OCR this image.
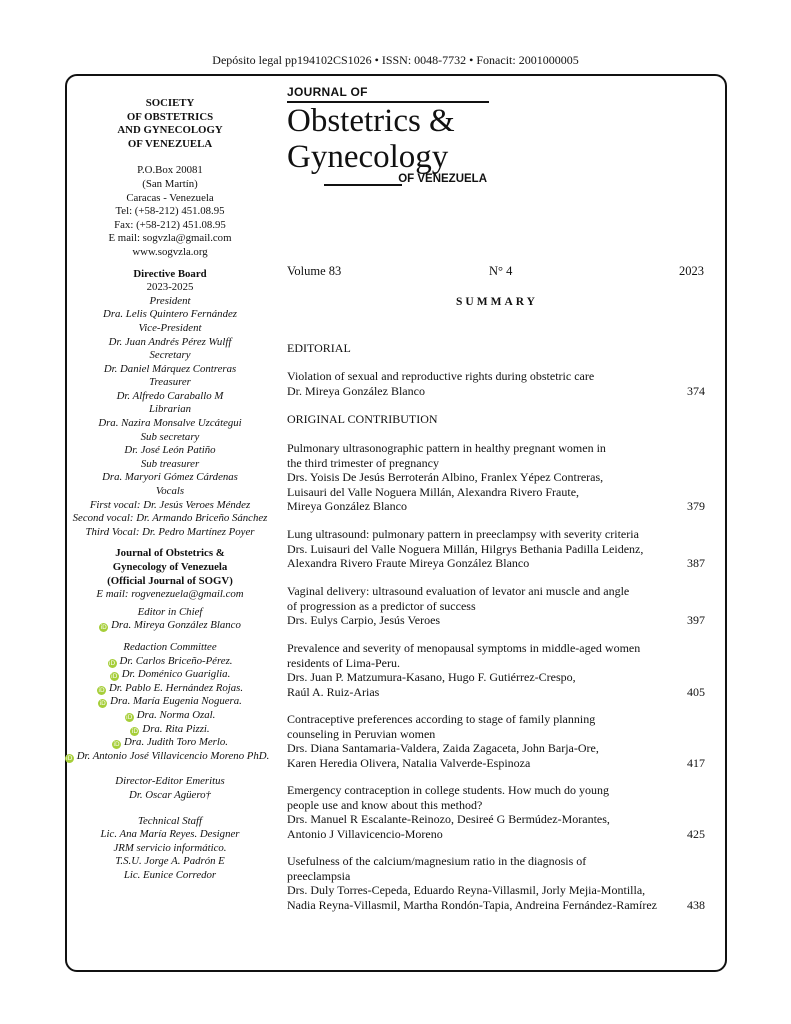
Depósito legal pp194102CS1026 • ISSN: 0048-7732 • Fonacit: 2001000005
SOCIETY
OF OBSTETRICS
AND GYNECOLOGY
OF VENEZUELA
P.O.Box 20081
(San Martín)
Caracas - Venezuela
Tel: (+58-212) 451.08.95
Fax: (+58-212) 451.08.95
E mail: sogvzla@gmail.com
www.sogvzla.org
Directive Board
2023-2025
President
Dra. Lelis Quintero Fernández
Vice-President
Dr. Juan Andrés Pérez Wulff
Secretary
Dr. Daniel Márquez Contreras
Treasurer
Dr. Alfredo Caraballo M
Librarian
Dra. Nazira Monsalve Uzcátegui
Sub secretary
Dr. José León Patiño
Sub treasurer
Dra. Maryori Gómez Cárdenas
Vocals
First vocal: Dr. Jesús Veroes Méndez
Second vocal: Dr. Armando Briceño Sánchez
Third Vocal: Dr. Pedro Martínez Poyer
Journal of Obstetrics &
Gynecology of Venezuela
(Official Journal of SOGV)
E mail: rogvenezuela@gmail.com
Editor in Chief
iD Dra. Mireya González Blanco
Redaction Committee
iD Dr. Carlos Briceño-Pérez.
iD Dr. Doménico Guariglia.
iD Dr. Pablo E. Hernández Rojas.
iD Dra. María Eugenia Noguera.
iD Dra. Norma Ozal.
iD Dra. Rita Pizzi.
iD Dra. Judith Toro Merlo.
iD Dr. Antonio José Villavicencio Moreno PhD.
Director-Editor Emeritus
Dr. Oscar Agüero†
Technical Staff
Lic. Ana María Reyes. Designer
JRM servicio informático.
T.S.U. Jorge A. Padrón E
Lic. Eunice Corredor
JOURNAL OF
Obstetrics &
Gynecology
OF VENEZUELA
Volume 83	N° 4	2023
SUMMARY
EDITORIAL
ORIGINAL CONTRIBUTION
Violation of sexual and reproductive rights during obstetric care
Dr. Mireya González Blanco	374
Pulmonary ultrasonographic pattern in healthy pregnant women in
the third trimester of pregnancy
Drs. Yoisis De Jesús Berroterán Albino, Franlex Yépez Contreras,
Luisauri del Valle Noguera Millán, Alexandra Rivero Fraute,
Mireya González Blanco	379
Lung ultrasound: pulmonary pattern in preeclampsy with severity criteria
Drs. Luisauri del Valle Noguera Millán, Hilgrys Bethania Padilla Leidenz,
Alexandra Rivero Fraute Mireya González Blanco	387
Vaginal delivery: ultrasound evaluation of levator ani muscle and angle
of progression as a predictor of success
Drs. Eulys Carpio, Jesús Veroes	397
Prevalence and severity of menopausal symptoms in middle-aged women
residents of Lima-Peru.
Drs. Juan P. Matzumura-Kasano, Hugo F. Gutiérrez-Crespo,
Raúl A. Ruiz-Arias	405
Contraceptive preferences according to stage of family planning
counseling in Peruvian women
Drs. Diana Santamaria-Valdera, Zaida Zagaceta, John Barja-Ore,
Karen Heredia Olivera, Natalia Valverde-Espinoza	417
Emergency contraception in college students. How much do young
people use and know about this method?
Drs. Manuel R Escalante-Reinozo, Desireé G Bermúdez-Morantes,
Antonio J Villavicencio-Moreno	425
Usefulness of the calcium/magnesium ratio in the diagnosis of
preeclampsia
Drs. Duly Torres-Cepeda, Eduardo Reyna-Villasmil, Jorly Mejia-Montilla,
Nadia Reyna-Villasmil, Martha Rondón-Tapia, Andreina Fernández-Ramírez	438
